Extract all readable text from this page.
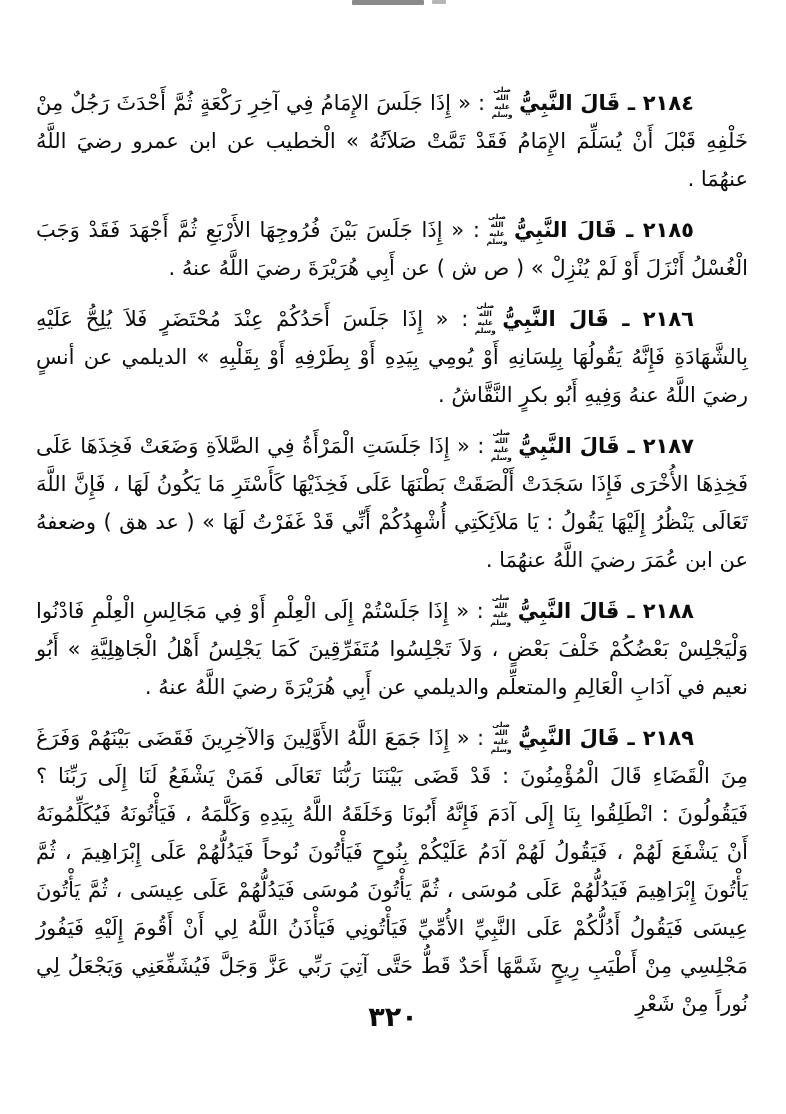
٢١٨٤ ـ قَالَ النَّبِيُّصلى الله عليه وسلم: « إِذَا جَلَسَ الإِمَامُ فِي آخِرِ رَكْعَةٍ ثُمَّ أَحْدَثَ رَجُلٌ مِنْ خَلْفِهِ قَبْلَ أَنْ يُسَلِّمَ الإِمَامُ فَقَدْ تَمَّتْ صَلاَتُهُ » الْخطيب عن ابن عمرو رضيَ اللَّهُ عنهُمَا .

٢١٨٥ ـ قَالَ النَّبِيُّصلى الله عليه وسلم: « إِذَا جَلَسَ بَيْنَ فُرُوجِهَا الأَرْبَعِ ثُمَّ أَجْهَدَ فَقَدْ وَجَبَ الْغُسْلُ أَنْزَلَ أَوْ لَمْ يُنْزِلْ » ( ص ش ) عن أَبِي هُرَيْرَةَ رضيَ اللَّهُ عنهُ .

٢١٨٦ ـ قَالَ النَّبِيُّصلى الله عليه وسلم: « إِذَا جَلَسَ أَحَدُكُمْ عِنْدَ مُحْتَضَرٍ فَلاَ يُلِحُّ عَلَيْهِ بِالشَّهَادَةِ فَإِنَّهُ يَقُولُهَا بِلِسَانِهِ أَوْ يُومِي بِيَدِهِ أَوْ بِطَرْفِهِ أَوْ بِقَلْبِهِ » الديلمي عن أنسٍ رضيَ اللَّهُ عنهُ وَفِيهِ أَبُو بكرٍ النَّقَّاشُ .

٢١٨٧ ـ قَالَ النَّبِيُّصلى الله عليه وسلم: « إِذَا جَلَسَتِ الْمَرْأَةُ فِي الصَّلاَةِ وَضَعَتْ فَخِذَهَا عَلَى فَخِذِهَا الأُخْرَى فَإِذَا سَجَدَتْ أَلْصَقَتْ بَطْنَهَا عَلَى فَخِذَيْهَا كَأَسْتَرِ مَا يَكُونُ لَهَا ، فَإِنَّ اللَّهَ تَعَالَى يَنْظُرُ إِلَيْهَا يَقُولُ : يَا مَلاَئِكَتِي أُشْهِدُكُمْ أَنِّي قَدْ غَفَرْتُ لَهَا » ( عد هق ) وضعفهُ عن ابن عُمَرَ رضيَ اللَّهُ عنهُمَا .

٢١٨٨ ـ قَالَ النَّبِيُّصلى الله عليه وسلم: « إِذَا جَلَسْتُمْ إِلَى الْعِلْمِ أَوْ فِي مَجَالِسِ الْعِلْمِ فَادْنُوا وَلْيَجْلِسْ بَعْضُكُمْ خَلْفَ بَعْضٍ ، وَلاَ تَجْلِسُوا مُتَفَرِّقِينَ كَمَا يَجْلِسُ أَهْلُ الْجَاهِلِيَّةِ » أَبُو نعيم في آدَابِ الْعَالِمِ والمتعلِّم والديلمي عن أَبِي هُرَيْرَةَ رضيَ اللَّهُ عنهُ .

٢١٨٩ ـ قَالَ النَّبِيُّصلى الله عليه وسلم: « إِذَا جَمَعَ اللَّهُ الأَوَّلِينَ وَالآخِرِينَ فَقَضَى بَيْنَهُمْ وَفَرَغَ مِنَ الْقَضَاءِ قَالَ الْمُؤْمِنُونَ : قَدْ قَضَى بَيْنَنَا رَبُّنَا تَعَالَى فَمَنْ يَشْفَعُ لَنَا إِلَى رَبِّنَا ؟ فَيَقُولُونَ : انْطَلِقُوا بِنَا إِلَى آدَمَ فَإِنَّهُ أَبُونَا وَخَلَقَهُ اللَّهُ بِيَدِهِ وَكَلَّمَهُ ، فَيَأْتُونَهُ فَيُكَلِّمُونَهُ أَنْ يَشْفَعَ لَهُمْ ، فَيَقُولُ لَهُمْ آدَمُ عَلَيْكُمْ بِنُوحٍ فَيَأْتُونَ نُوحاً فَيَدُلُّهُمْ عَلَى إِبْرَاهِيمَ ، ثُمَّ يَأْتُونَ إِبْرَاهِيمَ فَيَدُلُّهُمْ عَلَى مُوسَى ، ثُمَّ يَأْتُونَ مُوسَى فَيَدُلُّهُمْ عَلَى عِيسَى ، ثُمَّ يَأْتُونَ عِيسَى فَيَقُولُ أَدُلُّكُمْ عَلَى النَّبِيِّ الأُمِّيِّ فَيَأْتُونِي فَيَأْذَنُ اللَّهُ لِي أَنْ أَقُومَ إِلَيْهِ فَيَفُورُ مَجْلِسِي مِنْ أَطْيَبِ رِيحٍ شَمَّهَا أَحَدٌ قَطُّ حَتَّى آتِيَ رَبِّي عَزَّ وَجَلَّ فَيُشَفِّعَنِي وَيَجْعَلُ لِي نُوراً مِنْ شَعْرِ

٣٢٠
